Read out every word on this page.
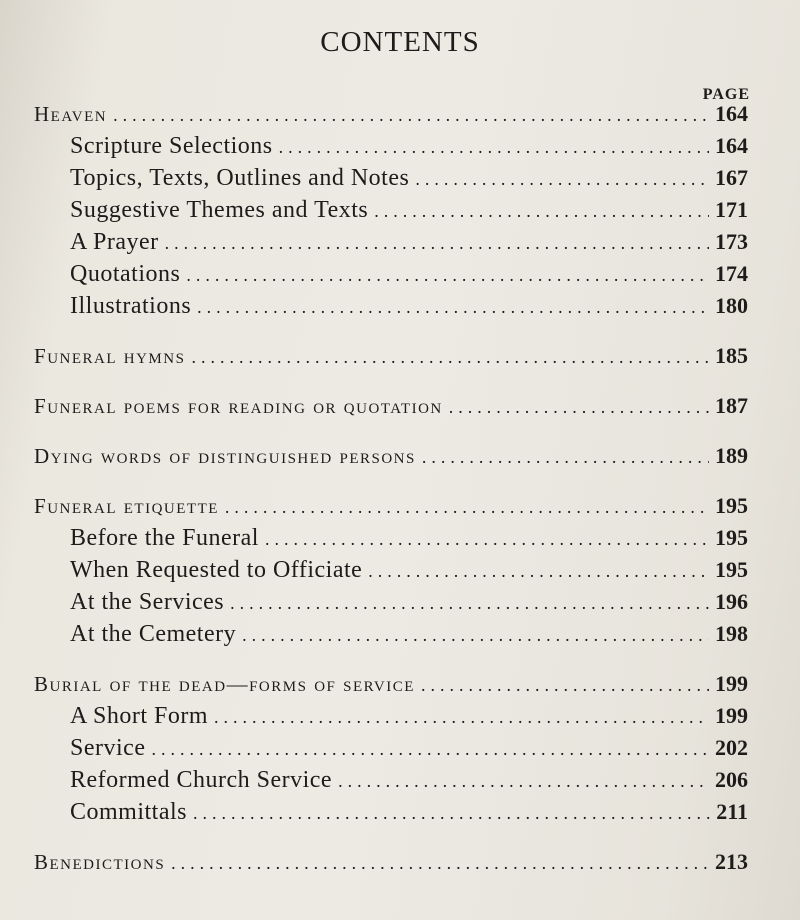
CONTENTS
PAGE
Heaven .....	164
Scripture Selections .....	164
Topics, Texts, Outlines and Notes .....	167
Suggestive Themes and Texts .....	171
A Prayer .....	173
Quotations .....	174
Illustrations .....	180
Funeral hymns .....	185
Funeral poems for reading or quotation .....	187
Dying words of distinguished persons .....	189
Funeral etiquette .....	195
Before the Funeral .....	195
When Requested to Officiate .....	195
At the Services .....	196
At the Cemetery .....	198
Burial of the dead—forms of service .....	199
A Short Form .....	199
Service .....	202
Reformed Church Service .....	206
Committals .....	211
Benedictions .....	213
